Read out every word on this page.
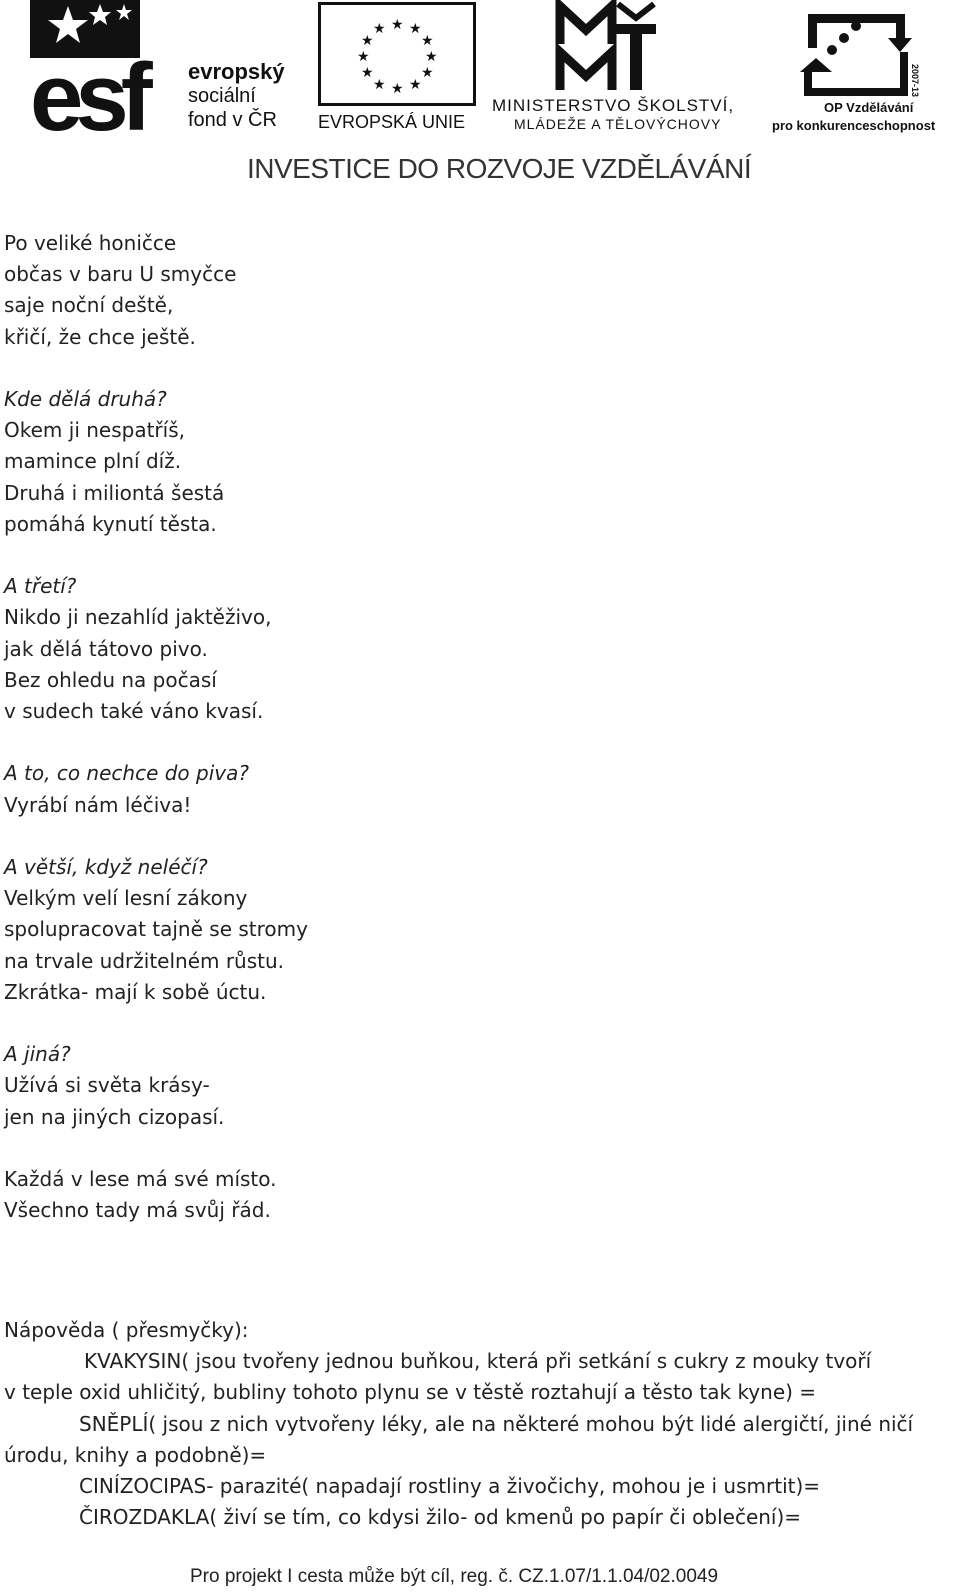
esf	evropský
sociální
fond v ČR
★ ★
★
★
★
★
★
★
★
★
★
★
EVROPSKÁ UNIE
MINISTERSTVO ŠKOLSTVÍ,
MLÁDEŽE A TĚLOVÝCHOVY
2007-13
OP Vzdělávání
pro konkurenceschopnost
INVESTICE DO ROZVOJE VZDĚLÁVÁNÍ
Po veliké honičce
občas v baru U smyčce
saje noční deště,
křičí, že chce ještě.
Kde dělá druhá?
Okem ji nespatříš,
mamince plní díž.
Druhá i miliontá šestá
pomáhá kynutí těsta.
A třetí?
Nikdo ji nezahlíd jaktěživo,
jak dělá tátovo pivo.
Bez ohledu na počasí
v sudech také váno kvasí.
A to, co nechce do piva?
Vyrábí nám léčiva!
A větší, když neléčí?
Velkým velí lesní zákony
spolupracovat tajně se stromy
na trvale udržitelném růstu.
Zkrátka- mají k sobě úctu.
A jiná?
Užívá si světa krásy-
jen na jiných cizopasí.
Každá v lese má své místo.
Všechno tady má svůj řád.
Nápověda ( přesmyčky):
KVAKYSIN( jsou tvořeny jednou buňkou, která při setkání s cukry z mouky tvoří
v teple oxid uhličitý, bubliny tohoto plynu se v těstě roztahují a těsto tak kyne) =
SNĚPLÍ( jsou z nich vytvořeny léky, ale na některé mohou být lidé alergičtí, jiné ničí
úrodu, knihy a podobně)=
CINÍZOCIPAS- parazité( napadají rostliny a živočichy, mohou je i usmrtit)=
ČIROZDAKLA( živí se tím, co kdysi žilo- od kmenů po papír či oblečení)=
Pro projekt I cesta může být cíl, reg. č. CZ.1.07/1.1.04/02.0049
